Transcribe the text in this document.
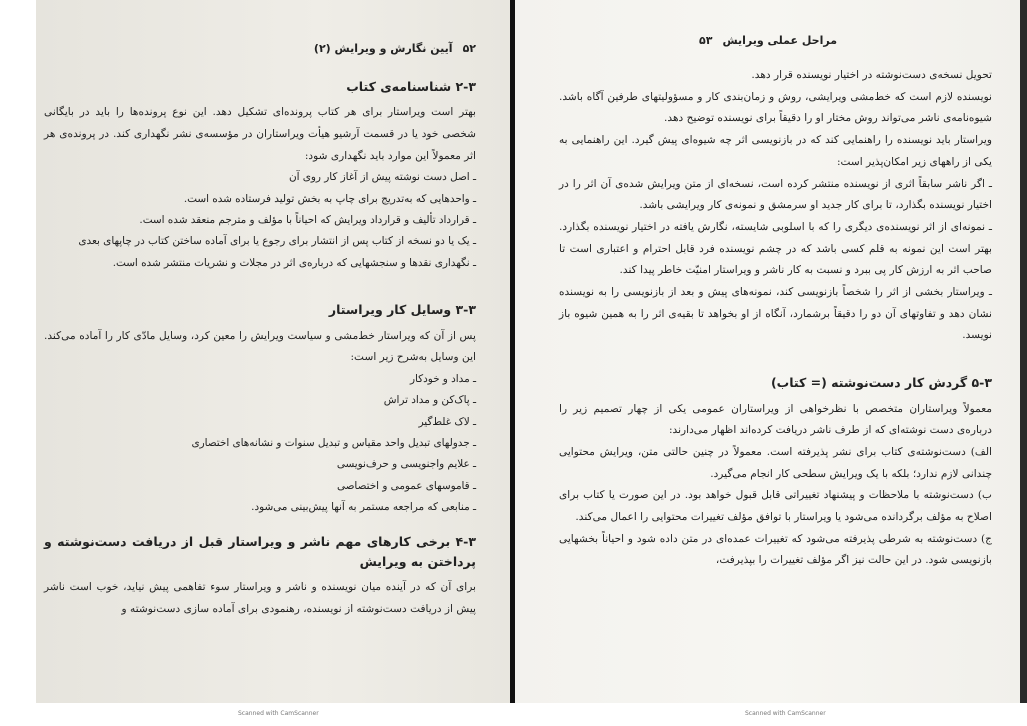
۵۲
آیین نگارش و ویرایش (۲)
۲-۳ شناسنامه‌ی کتاب

بهتر است ویراستار برای هر کتاب پرونده‌ای تشکیل دهد. این نوع پرونده‌ها را باید در بایگانی شخصی خود یا در قسمت آرشیو هیأت ویراستاران در مؤسسه‌ی نشر نگهداری کند. در پرونده‌ی هر اثر معمولاً این موارد باید نگهداری شود:

ـ اصل دست نوشته پیش از آغاز کار روی آن

ـ واحدهایی که به‌تدریج برای چاپ به بخش تولید فرستاده شده است.

ـ قرارداد تألیف و قرارداد ویرایش که احیاناً با مؤلف و مترجم منعقد شده است.

ـ یک یا دو نسخه از کتاب پس از انتشار برای رجوع یا برای آماده ساختن کتاب در چاپهای بعدی

ـ نگهداری نقدها و سنجشهایی که درباره‌ی اثر در مجلات و نشریات منتشر شده است.

۳-۳ وسایل کار ویراستار

پس از آن که ویراستار خط‌مشی و سیاست ویرایش را معین کرد، وسایل مادّی کار را آماده می‌کند. این وسایل به‌شرح زیر است:

ـ مداد و خودکار

ـ پاک‌کن و مداد تراش

ـ لاک غلط‌گیر

ـ جدولهای تبدیل واحد مقیاس و تبدیل سنوات و نشانه‌های اختصاری

ـ علایم واجنویسی و حرف‌نویسی

ـ قاموسهای عمومی و اختصاصی

ـ منابعی که مراجعه مستمر به آنها پیش‌بینی می‌شود.

۴-۳ برخی کارهای مهم ناشر و ویراستار قبل از دریافت دست‌نوشته و پرداختن به ویرایش

برای آن که در آینده میان نویسنده و ناشر و ویراستار سوء تفاهمی پیش نیاید، خوب است ناشر پیش از دریافت دست‌نوشته از نویسنده، رهنمودی برای آماده سازی دست‌نوشته و

مراحل عملی ویرایش
۵۳

تحویل نسخه‌ی دست‌نوشته در اختیار نویسنده قرار دهد.

نویسنده لازم است که خط‌مشی ویرایشی، روش و زمان‌بندی کار و مسؤولیتهای طرفین آگاه باشد. شیوه‌نامه‌ی ناشر می‌تواند روش مختار او را دقیقاً برای نویسنده توضیح دهد.

ویراستار باید نویسنده را راهنمایی کند که در بازنویسی اثر چه شیوه‌ای پیش گیرد. این راهنمایی به یکی از راههای زیر امکان‌پذیر است:

ـ اگر ناشر سابقاً اثری از نویسنده منتشر کرده است، نسخه‌ای از متن ویرایش شده‌ی آن اثر را در اختیار نویسنده بگذارد، تا برای کار جدید او سرمشق و نمونه‌ی کار ویرایشی باشد.

ـ نمونه‌ای از اثر نویسنده‌ی دیگری را که با اسلوبی شایسته، نگارش یافته در اختیار نویسنده بگذارد. بهتر است این نمونه به قلم کسی باشد که در چشم نویسنده فرد قابل احترام و اعتباری است تا صاحب اثر به ارزش کار پی ببرد و نسبت به کار ناشر و ویراستار امنیّت خاطر پیدا کند.

ـ ویراستار بخشی از اثر را شخصاً بازنویسی کند، نمونه‌های پیش و بعد از بازنویسی را به نویسنده نشان دهد و تفاوتهای آن دو را دقیقاً برشمارد، آنگاه از او بخواهد تا بقیه‌ی اثر را به همین شیوه باز نویسد.

۵-۳ گردش کار دست‌نوشته (= کتاب)

معمولاً ویراستاران متخصص با نظرخواهی از ویراستاران عمومی یکی از چهار تصمیم زیر را درباره‌ی دست نوشته‌ای که از طرف ناشر دریافت کرده‌اند اظهار می‌دارند:

الف) دست‌نوشته‌ی کتاب برای نشر پذیرفته است. معمولاً در چنین حالتی متن، ویرایش محتوایی چندانی لازم ندارد؛ بلکه با یک ویرایش سطحی کار انجام می‌گیرد.

ب) دست‌نوشته با ملاحظات و پیشنهاد تغییراتی قابل قبول خواهد بود. در این صورت یا کتاب برای اصلاح به مؤلف برگردانده می‌شود یا ویراستار با توافق مؤلف تغییرات محتوایی را اعمال می‌کند.

ج) دست‌نوشته به شرطی پذیرفته می‌شود که تغییرات عمده‌ای در متن داده شود و احیاناً بخشهایی بازنویسی شود. در این حالت نیز اگر مؤلف تغییرات را بپذیرفت،

Scanned with CamScanner	Scanned with CamScanner
